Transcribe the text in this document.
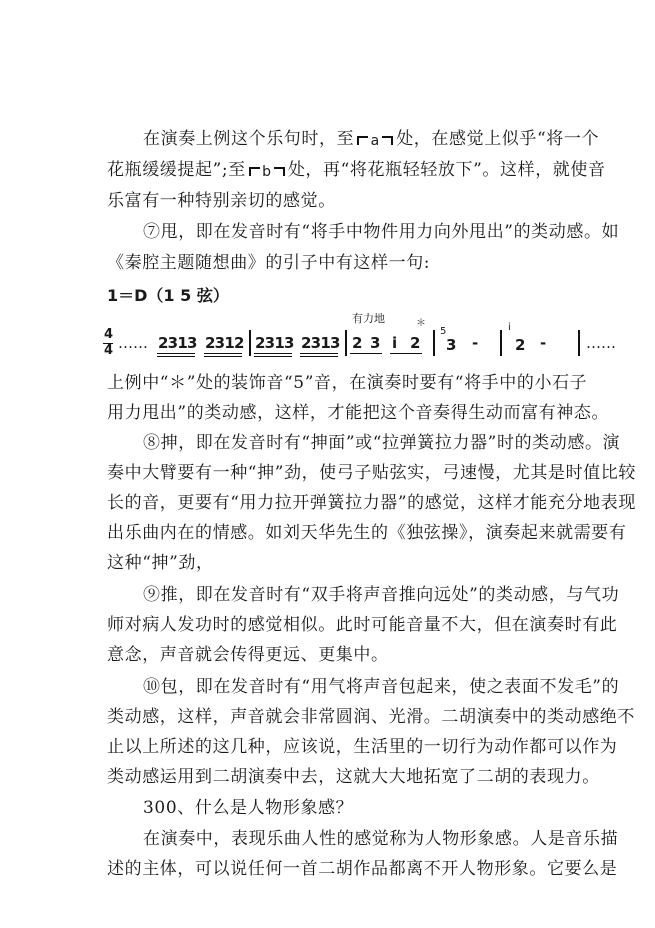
在演奏上例这个乐句时，至 a 处，在感觉上似乎“将一个
花瓶缓缓提起”;至 b 处，再“将花瓶轻轻放下”。这样，就使音
乐富有一种特别亲切的感觉。
⑦甩，即在发音时有“将手中物件用力向外甩出”的类动感。如
《秦腔主题随想曲》的引子中有这样一句:
1＝D（1 5 弦）
4
4 …… 2 3 1 3 2 3 1 2 2 3 1 3 2 3 1 3
有力地
2 3 i 2
＊
5
3 -
i
2 -	……
上例中“＊”处的装饰音“5”音，在演奏时要有“将手中的小石子
用力甩出”的类动感，这样，才能把这个音奏得生动而富有神态。
⑧抻，即在发音时有“抻面”或“拉弹簧拉力器”时的类动感。演
奏中大臂要有一种“抻”劲，使弓子贴弦实，弓速慢，尤其是时值比较
长的音，更要有“用力拉开弹簧拉力器”的感觉，这样才能充分地表现
出乐曲内在的情感。如刘天华先生的《独弦操》，演奏起来就需要有
这种“抻”劲，
⑨推，即在发音时有“双手将声音推向远处”的类动感，与气功
师对病人发功时的感觉相似。此时可能音量不大，但在演奏时有此
意念，声音就会传得更远、更集中。
⑩包，即在发音时有“用气将声音包起来，使之表面不发毛”的
类动感，这样，声音就会非常圆润、光滑。二胡演奏中的类动感绝不
止以上所述的这几种，应该说，生活里的一切行为动作都可以作为
类动感运用到二胡演奏中去，这就大大地拓宽了二胡的表现力。
300、什么是人物形象感？
在演奏中，表现乐曲人性的感觉称为人物形象感。人是音乐描
述的主体，可以说任何一首二胡作品都离不开人物形象。它要么是
